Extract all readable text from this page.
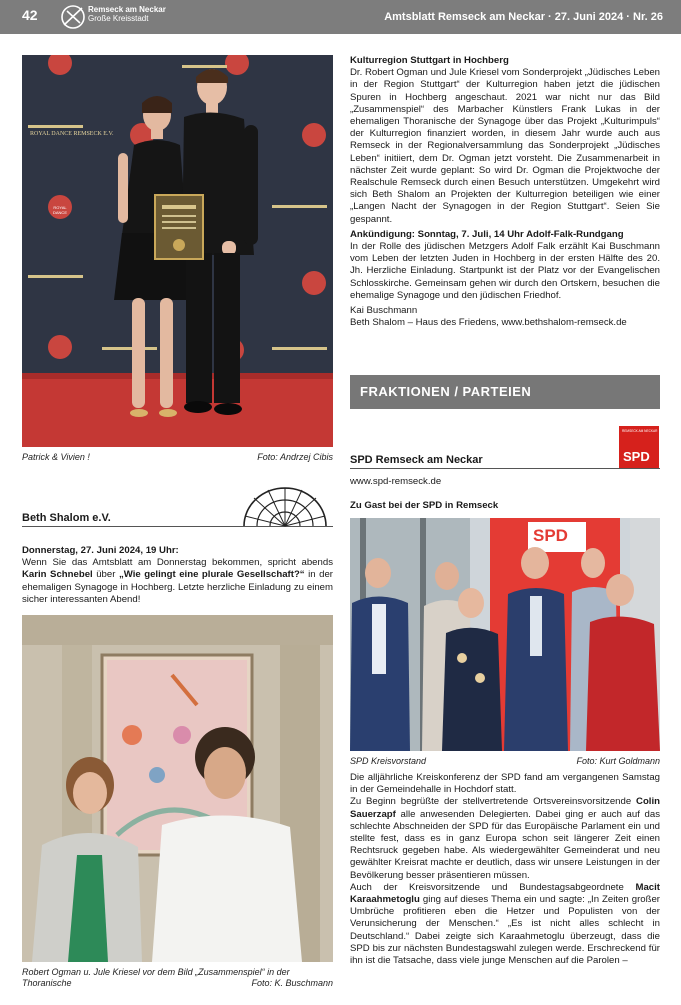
42	Remseck am Neckar
Große Kreisstadt	Amtsblatt Remseck am Neckar · 27. Juni 2024 · Nr. 26
ROYAL DANCE REMSECK E.V.
ROYAL DANCE
Patrick & Vivien !	Foto: Andrzej Cibis
Beth Shalom e.V.

Donnerstag, 27. Juni 2024, 19 Uhr:

Wenn Sie das Amtsblatt am Donnerstag bekommen, spricht abends Karin Schnebel über „Wie gelingt eine plurale Gesellschaft?“ in der ehemaligen Synagoge in Hochberg. Letzte herzliche Einladung zu einem sicher interessanten Abend!

Robert Ogman u. Jule Kriesel vor dem Bild „Zusammenspiel“ in der Thoranische	Foto: K. Buschmann

Kulturregion Stuttgart in Hochberg

Dr. Robert Ogman und Jule Kriesel vom Sonderprojekt „Jüdisches Leben in der Region Stuttgart“ der Kulturregion haben jetzt die jüdischen Spuren in Hochberg angeschaut. 2021 war nicht nur das Bild „Zusammenspiel“ des Marbacher Künstlers Frank Lukas in der ehemaligen Thoranische der Synagoge über das Projekt „Kulturimpuls“ der Kulturregion finanziert worden, in diesem Jahr wurde auch aus Remseck in der Regionalversammlung das Sonderprojekt „Jüdisches Leben“ initiiert, dem Dr. Ogman jetzt vorsteht. Die Zusammenarbeit in nächster Zeit wurde geplant: So wird Dr. Ogman die Projektwoche der Realschule Remseck durch einen Besuch unterstützen. Umgekehrt wird sich Beth Shalom an Projekten der Kulturregion beteiligen wie einer „Langen Nacht der Synagogen in der Region Stuttgart“. Seien Sie gespannt.

Ankündigung: Sonntag, 7. Juli, 14 Uhr Adolf-Falk-Rundgang

In der Rolle des jüdischen Metzgers Adolf Falk erzählt Kai Buschmann vom Leben der letzten Juden in Hochberg in der ersten Hälfte des 20. Jh. Herzliche Einladung. Startpunkt ist der Platz vor der Evangelischen Schlosskirche. Gemeinsam gehen wir durch den Ortskern, besuchen die ehemalige Synagoge und den jüdischen Friedhof.

Kai Buschmann

Beth Shalom – Haus des Friedens, www.bethshalom-remseck.de

FRAKTIONEN / PARTEIEN
REMSECK AM NECKAR
SPD
SPD Remseck am Neckar
www.spd-remseck.de
Zu Gast bei der SPD in Remseck
SPD
SPD Kreisvorstand	Foto: Kurt Goldmann

Die alljährliche Kreiskonferenz der SPD fand am vergangenen Samstag in der Gemeindehalle in Hochdorf statt.

Zu Beginn begrüßte der stellvertretende Ortsvereinsvorsitzende Colin Sauerzapf alle anwesenden Delegierten. Dabei ging er auch auf das schlechte Abschneiden der SPD für das Europäische Parlament ein und stellte fest, dass es in ganz Europa schon seit längerer Zeit einen Rechtsruck gegeben habe. Als wiedergewählter Gemeinderat und neu gewählter Kreisrat machte er deutlich, dass wir unsere Leistungen in der Bevölkerung besser präsentieren müssen.

Auch der Kreisvorsitzende und Bundestagsabgeordnete Macit Karaahmetoglu ging auf dieses Thema ein und sagte: „In Zeiten großer Umbrüche profitieren eben die Hetzer und Populisten von der Verunsicherung der Menschen.“ „Es ist nicht alles schlecht in Deutschland.“ Dabei zeigte sich Karaahmetoglu überzeugt, dass die SPD bis zur nächsten Bundestagswahl zulegen werde. Erschreckend für ihn ist die Tatsache, dass viele junge Menschen auf die Parolen –
